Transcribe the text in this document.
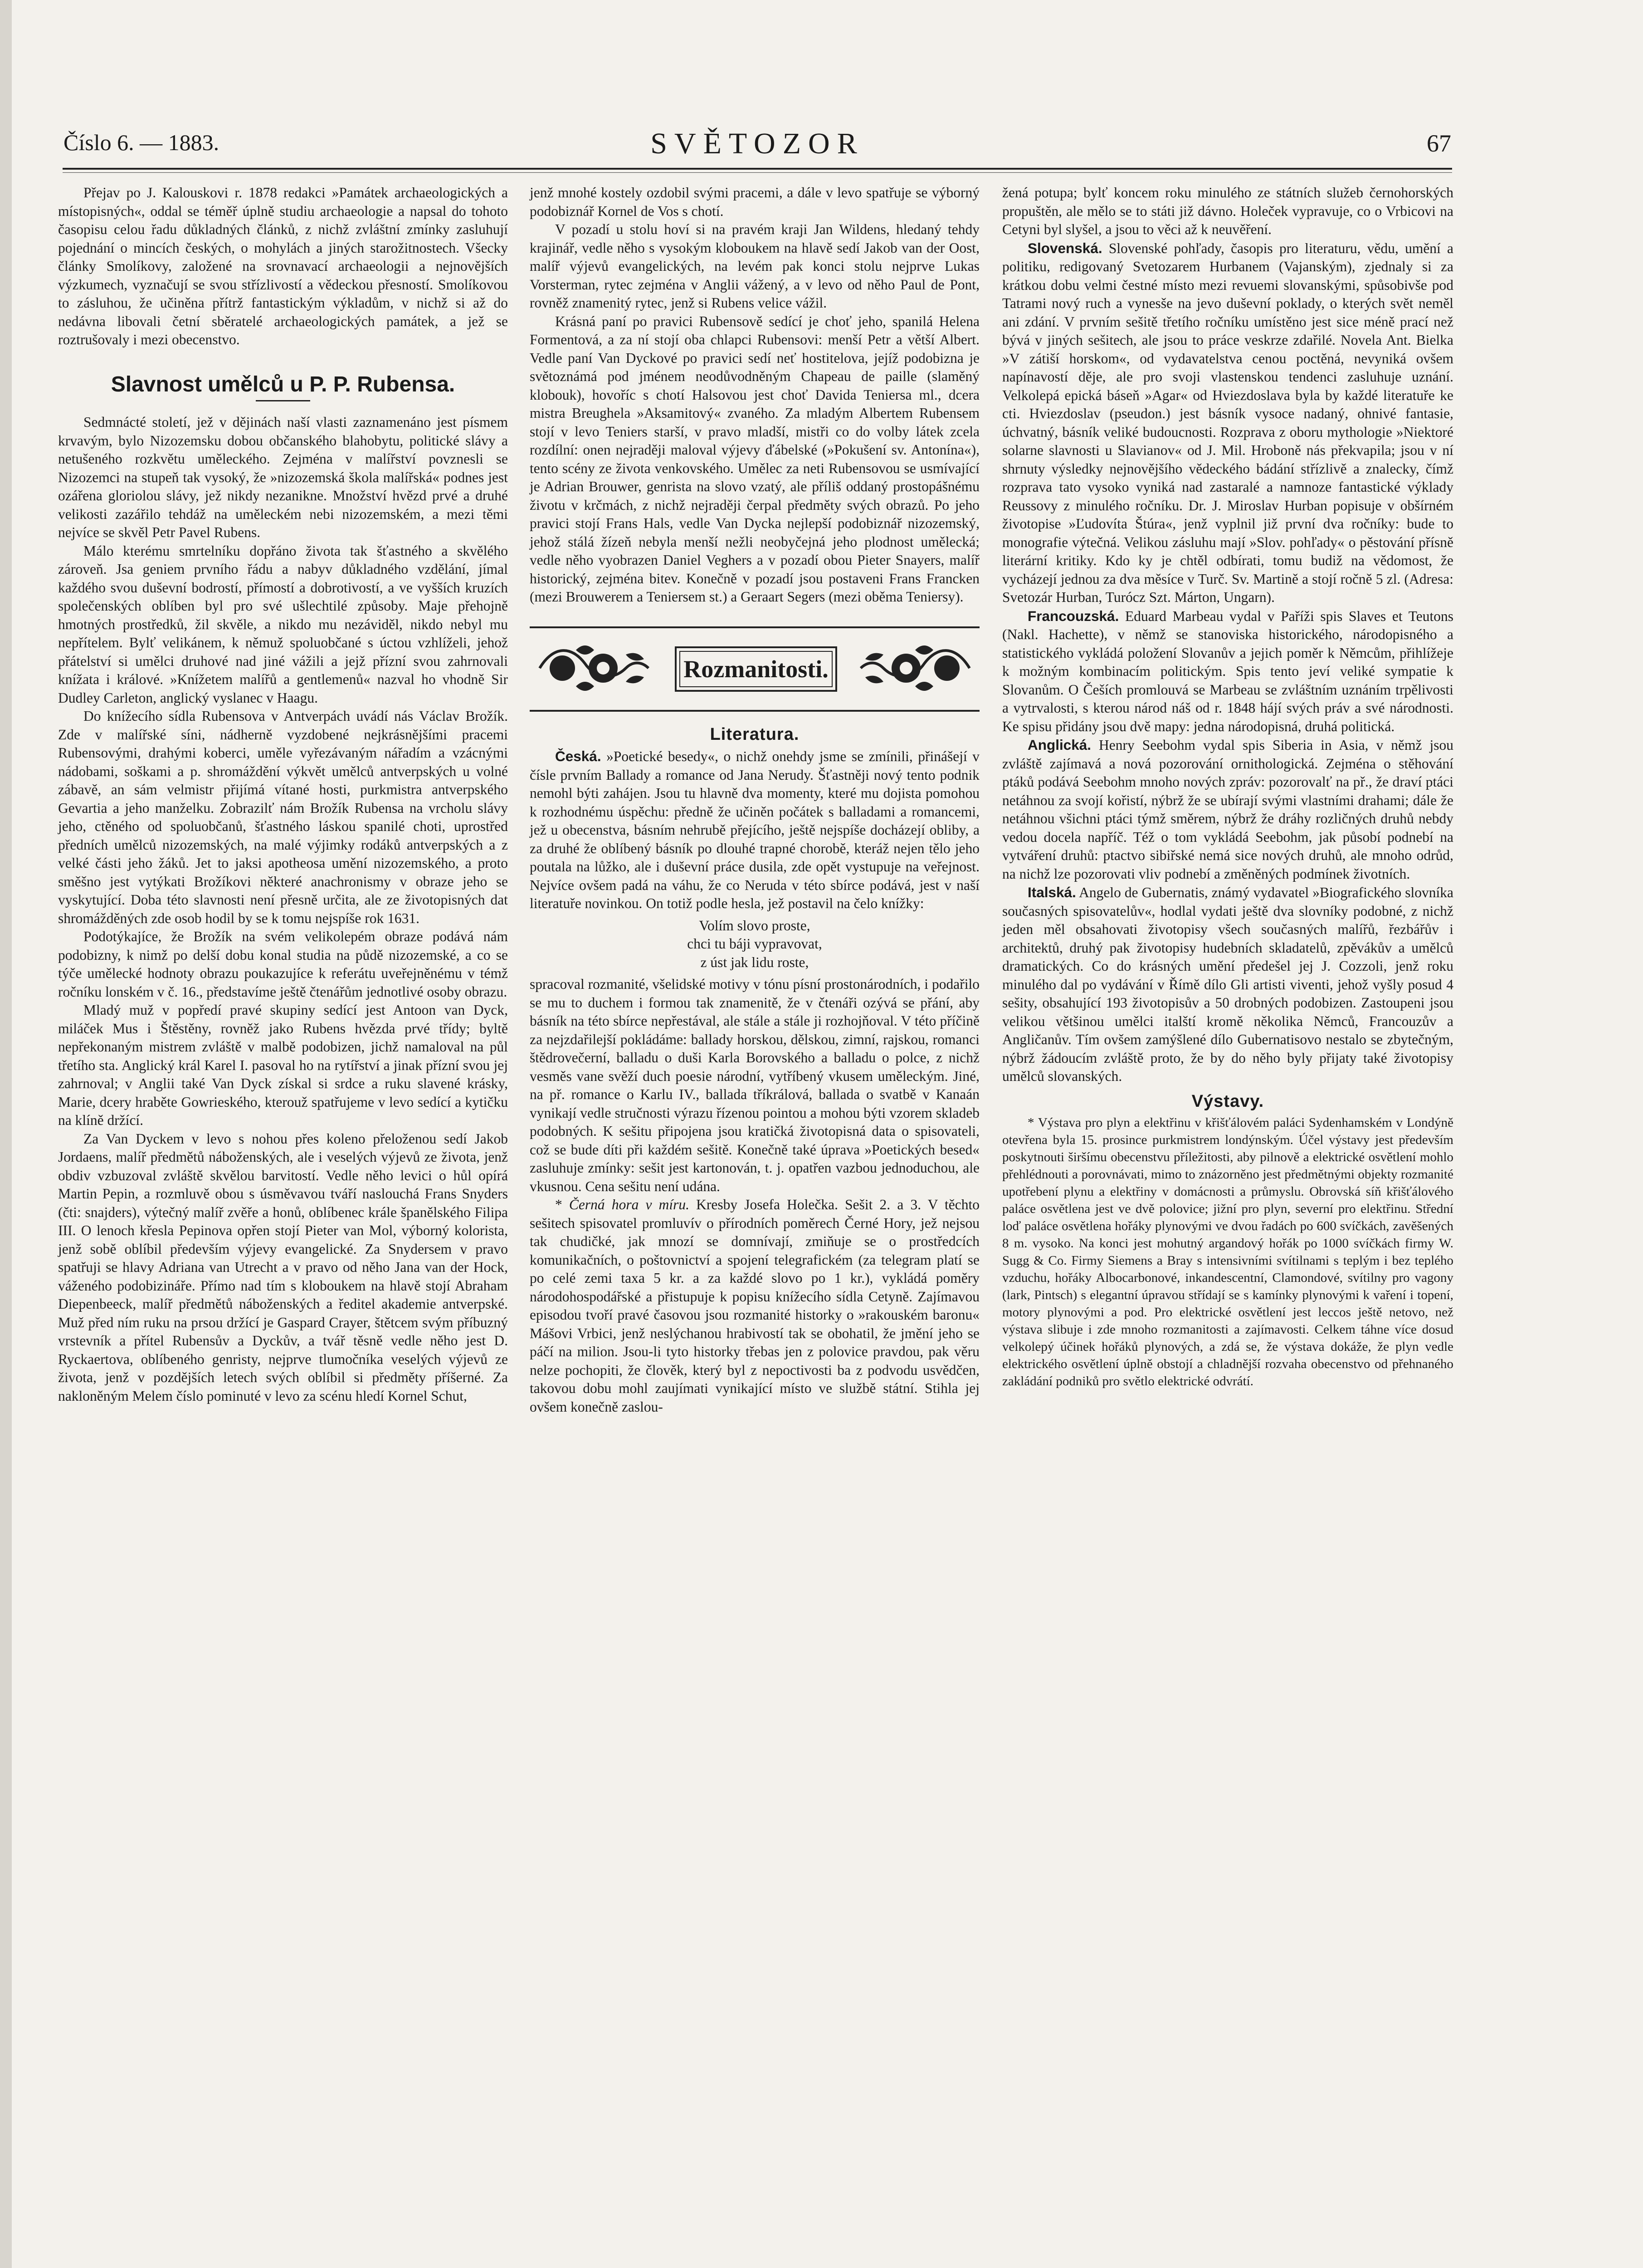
Číslo 6. — 1883.	SVĚTOZOR	67

Přejav po J. Kalouskovi r. 1878 redakci »Památek archaeologických a místopisných«, oddal se téměř úplně studiu archaeologie a napsal do tohoto časopisu celou řadu důkladných článků, z nichž zvláštní zmínky zasluhují pojednání o mincích českých, o mohylách a jiných starožitnostech. Všecky články Smolíkovy, založené na srovnavací archaeologii a nejnovějších výzkumech, vyznačují se svou střízlivostí a vědeckou přesností. Smolíkovou to zásluhou, že učiněna přítrž fantastickým výkladům, v nichž si až do nedávna libovali četní sběratelé archaeologických památek, a jež se roztrušovaly i mezi obecenstvo.

Slavnost umělců u P. P. Rubensa.

Sedmnácté století, jež v dějinách naší vlasti zaznamenáno jest písmem krvavým, bylo Nizozemsku dobou občanského blahobytu, politické slávy a netušeného rozkvětu uměleckého. Zejména v malířství povznesli se Nizozemci na stupeň tak vysoký, že »nizozemská škola malířská« podnes jest ozářena gloriolou slávy, jež nikdy nezanikne. Množství hvězd prvé a druhé velikosti zazářilo tehdáž na uměleckém nebi nizozemském, a mezi těmi nejvíce se skvěl Petr Pavel Rubens.

Málo kterému smrtelníku dopřáno života tak šťastného a skvělého zároveň. Jsa geniem prvního řádu a nabyv důkladného vzdělání, jímal každého svou duševní bodrostí, přímostí a dobrotivostí, a ve vyšších kruzích společenských oblíben byl pro své ušlechtilé způsoby. Maje přehojně hmotných prostředků, žil skvěle, a nikdo mu nezáviděl, nikdo nebyl mu nepřítelem. Bylť velikánem, k němuž spoluobčané s úctou vzhlíželi, jehož přátelství si umělci druhové nad jiné vážili a jejž přízní svou zahrnovali knížata i králové. »Knížetem malířů a gentlemenů« nazval ho vhodně Sir Dudley Carleton, anglický vyslanec v Haagu.

Do knížecího sídla Rubensova v Antverpách uvádí nás Václav Brožík. Zde v malířské síni, nádherně vyzdobené nejkrásnějšími pracemi Rubensovými, drahými koberci, uměle vyřezávaným nářadím a vzácnými nádobami, soškami a p. shromáždění výkvět umělců antverpských u volné zábavě, an sám velmistr přijímá vítané hosti, purkmistra antverpského Gevartia a jeho manželku. Zobrazilť nám Brožík Rubensa na vrcholu slávy jeho, ctěného od spoluobčanů, šťastného láskou spanilé choti, uprostřed předních umělců nizozemských, na malé výjimky rodáků antverpských a z velké části jeho žáků. Jet to jaksi apotheosa umění nizozemského, a proto směšno jest vytýkati Brožíkovi některé anachronismy v obraze jeho se vyskytující. Doba této slavnosti není přesně určita, ale ze životopisných dat shromážděných zde osob hodil by se k tomu nejspíše rok 1631.

Podotýkajíce, že Brožík na svém velikolepém obraze podává nám podobizny, k nimž po delší dobu konal studia na půdě nizozemské, a co se týče umělecké hodnoty obrazu poukazujíce k referátu uveřejněnému v témž ročníku lonském v č. 16., představíme ještě čtenářům jednotlivé osoby obrazu.

Mladý muž v popředí pravé skupiny sedící jest Antoon van Dyck, miláček Mus i Štěstěny, rovněž jako Rubens hvězda prvé třídy; byltě nepřekonaným mistrem zvláště v malbě podobizen, jichž namaloval na půl třetího sta. Anglický král Karel I. pasoval ho na rytířství a jinak přízní svou jej zahrnoval; v Anglii také Van Dyck získal si srdce a ruku slavené krásky, Marie, dcery hraběte Gowrieského, kterouž spatřujeme v levo sedící a kytičku na klíně držící.

Za Van Dyckem v levo s nohou přes koleno přeloženou sedí Jakob Jordaens, malíř předmětů náboženských, ale i veselých výjevů ze života, jenž obdiv vzbuzoval zvláště skvělou barvitostí. Vedle něho levici o hůl opírá Martin Pepin, a rozmluvě obou s úsměvavou tváří naslouchá Frans Snyders (čti: snajders), výtečný malíř zvěře a honů, oblíbenec krále španělského Filipa III. O lenoch křesla Pepinova opřen stojí Pieter van Mol, výborný kolorista, jenž sobě oblíbil především výjevy evangelické. Za Snydersem v pravo spatřuji se hlavy Adriana van Utrecht a v pravo od něho Jana van der Hock, váženého podobizináře. Přímo nad tím s kloboukem na hlavě stojí Abraham Diepenbeeck, malíř předmětů náboženských a ředitel akademie antverpské. Muž před ním ruku na prsou držící je Gaspard Crayer, štětcem svým příbuzný vrstevník a přítel Rubensův a Dyckův, a tvář těsně vedle něho jest D. Ryckaertova, oblíbeného genristy, nejprve tlumočníka veselých výjevů ze života, jenž v pozdějších letech svých oblíbil si předměty příšerné. Za nakloněným Melem číslo pominuté v levo za scénu hledí Kornel Schut,

jenž mnohé kostely ozdobil svými pracemi, a dále v levo spatřuje se výborný podobiznář Kornel de Vos s chotí.

V pozadí u stolu hoví si na pravém kraji Jan Wildens, hledaný tehdy krajinář, vedle něho s vysokým kloboukem na hlavě sedí Jakob van der Oost, malíř výjevů evangelických, na levém pak konci stolu nejprve Lukas Vorsterman, rytec zejména v Anglii vážený, a v levo od něho Paul de Pont, rovněž znamenitý rytec, jenž si Rubens velice vážil.

Krásná paní po pravici Rubensově sedící je choť jeho, spanilá Helena Formentová, a za ní stojí oba chlapci Rubensovi: menší Petr a větší Albert. Vedle paní Van Dyckové po pravici sedí neť hostitelova, jejíž podobizna je světoznámá pod jménem neodůvodněným Chapeau de paille (slaměný klobouk), hovoříc s chotí Halsovou jest choť Davida Teniersa ml., dcera mistra Breughela »Aksamitový« zvaného. Za mladým Albertem Rubensem stojí v levo Teniers starší, v pravo mladší, mistři co do volby látek zcela rozdílní: onen nejraději maloval výjevy ďábelské (»Pokušení sv. Antonína«), tento scény ze života venkovského. Umělec za neti Rubensovou se usmívající je Adrian Brouwer, genrista na slovo vzatý, ale příliš oddaný prostopášnému životu v krčmách, z nichž nejraději čerpal předměty svých obrazů. Po jeho pravici stojí Frans Hals, vedle Van Dycka nejlepší podobiznář nizozemský, jehož stálá žízeň nebyla menší nežli neobyčejná jeho plodnost umělecká; vedle něho vyobrazen Daniel Veghers a v pozadí obou Pieter Snayers, malíř historický, zejména bitev. Konečně v pozadí jsou postaveni Frans Francken (mezi Brouwerem a Teniersem st.) a Geraart Segers (mezi oběma Teniersy).

Rozmanitosti.
Literatura.

Česká. »Poetické besedy«, o nichž onehdy jsme se zmínili, přinášejí v čísle prvním Ballady a romance od Jana Nerudy. Šťastněji nový tento podnik nemohl býti zahájen. Jsou tu hlavně dva momenty, které mu dojista pomohou k rozhodnému úspěchu: předně že učiněn počátek s balladami a romancemi, jež u obecenstva, básním nehrubě přejícího, ještě nejspíše docházejí obliby, a za druhé že oblíbený básník po dlouhé trapné chorobě, kteráž nejen tělo jeho poutala na lůžko, ale i duševní práce dusila, zde opět vystupuje na veřejnost. Nejvíce ovšem padá na váhu, že co Neruda v této sbírce podává, jest v naší literatuře novinkou. On totiž podle hesla, jež postavil na čelo knížky:

Volím slovo proste,
chci tu báji vypravovat,
z úst jak lidu roste,

spracoval rozmanité, všelidské motivy v tónu písní prostonárodních, i podařilo se mu to duchem i formou tak znamenitě, že v čtenáři ozývá se přání, aby básník na této sbírce nepřestával, ale stále a stále ji rozhojňoval. V této příčině za nejzdařilejší pokládáme: ballady horskou, dělskou, zimní, rajskou, romanci štědrovečerní, balladu o duši Karla Borovského a balladu o polce, z nichž vesměs vane svěží duch poesie národní, vytříbený vkusem uměleckým. Jiné, na př. romance o Karlu IV., ballada tříkrálová, ballada o svatbě v Kanaán vynikají vedle stručnosti výrazu řízenou pointou a mohou býti vzorem skladeb podobných. K sešitu připojena jsou kratičká životopisná data o spisovateli, což se bude díti při každém sešitě. Konečně také úprava »Poetických besed« zasluhuje zmínky: sešit jest kartonován, t. j. opatřen vazbou jednoduchou, ale vkusnou. Cena sešitu není udána.

* Černá hora v míru. Kresby Josefa Holečka. Sešit 2. a 3. V těchto sešitech spisovatel promluvív o přírodních poměrech Černé Hory, jež nejsou tak chudičké, jak mnozí se domnívají, zmiňuje se o prostředcích komunikačních, o poštovnictví a spojení telegrafickém (za telegram platí se po celé zemi taxa 5 kr. a za každé slovo po 1 kr.), vykládá poměry národohospodářské a přistupuje k popisu knížecího sídla Cetyně. Zajímavou episodou tvoří pravé časovou jsou rozmanité historky o »rakouském baronu« Mášovi Vrbici, jenž neslýchanou hrabivostí tak se obohatil, že jmění jeho se páčí na milion. Jsou-li tyto historky třebas jen z polovice pravdou, pak věru nelze pochopiti, že člověk, který byl z nepoctivosti ba z podvodu usvědčen, takovou dobu mohl zaujímati vynikající místo ve službě státní. Stihla jej ovšem konečně zaslou-

žená potupa; bylť koncem roku minulého ze státních služeb černohorských propuštěn, ale mělo se to státi již dávno. Holeček vypravuje, co o Vrbicovi na Cetyni byl slyšel, a jsou to věci až k neuvěření.

Slovenská. Slovenské pohľady, časopis pro literaturu, vědu, umění a politiku, redigovaný Svetozarem Hurbanem (Vajanským), zjednaly si za krátkou dobu velmi čestné místo mezi revuemi slovanskými, spůsobivše pod Tatrami nový ruch a vynesše na jevo duševní poklady, o kterých svět neměl ani zdání. V prvním sešitě třetího ročníku umístěno jest sice méně prací než bývá v jiných sešitech, ale jsou to práce veskrze zdařilé. Novela Ant. Bielka »V zátiší horskom«, od vydavatelstva cenou poctěná, nevyniká ovšem napínavostí děje, ale pro svoji vlastenskou tendenci zasluhuje uznání. Velkolepá epická báseň »Agar« od Hviezdoslava byla by každé literatuře ke cti. Hviezdoslav (pseudon.) jest básník vysoce nadaný, ohnivé fantasie, úchvatný, básník veliké budoucnosti. Rozprava z oboru mythologie »Niektoré solarne slavnosti u Slavianov« od J. Mil. Hroboně nás překvapila; jsou v ní shrnuty výsledky nejnovějšího vědeckého bádání střízlivě a znalecky, čímž rozprava tato vysoko vyniká nad zastaralé a namnoze fantastické výklady Reussovy z minulého ročníku. Dr. J. Miroslav Hurban popisuje v obšírném životopise »Ľudovíta Štúra«, jenž vyplnil již první dva ročníky: bude to monografie výtečná. Velikou zásluhu mají »Slov. pohľady« o pěstování přísně literární kritiky. Kdo ky je chtěl odbírati, tomu budiž na vědomost, že vycházejí jednou za dva měsíce v Turč. Sv. Martině a stojí ročně 5 zl. (Adresa: Svetozár Hurban, Turócz Szt. Márton, Ungarn).

Francouzská. Eduard Marbeau vydal v Paříži spis Slaves et Teutons (Nakl. Hachette), v němž se stanoviska historického, národopisného a statistického vykládá položení Slovanův a jejich poměr k Němcům, přihlížeje k možným kombinacím politickým. Spis tento jeví veliké sympatie k Slovanům. O Češích promlouvá se Marbeau se zvláštním uznáním trpělivosti a vytrvalosti, s kterou národ náš od r. 1848 hájí svých práv a své národnosti. Ke spisu přidány jsou dvě mapy: jedna národopisná, druhá politická.

Anglická. Henry Seebohm vydal spis Siberia in Asia, v němž jsou zvláště zajímavá a nová pozorování ornithologická. Zejména o stěhování ptáků podává Seebohm mnoho nových zpráv: pozorovalť na př., že draví ptáci netáhnou za svojí kořistí, nýbrž že se ubírají svými vlastními drahami; dále že netáhnou všichni ptáci týmž směrem, nýbrž že dráhy rozličných druhů nebdy vedou docela napříč. Též o tom vykládá Seebohm, jak působí podnebí na vytváření druhů: ptactvo sibiřské nemá sice nových druhů, ale mnoho odrůd, na nichž lze pozorovati vliv podnebí a změněných podmínek životních.

Italská. Angelo de Gubernatis, známý vydavatel »Biografického slovníka současných spisovatelův«, hodlal vydati ještě dva slovníky podobné, z nichž jeden měl obsahovati životopisy všech současných malířů, řezbářův i architektů, druhý pak životopisy hudebních skladatelů, zpěvákův a umělců dramatických. Co do krásných umění předešel jej J. Cozzoli, jenž roku minulého dal po vydávání v Římě dílo Gli artisti viventi, jehož vyšly posud 4 sešity, obsahující 193 životopisův a 50 drobných podobizen. Zastoupeni jsou velikou většinou umělci italští kromě několika Němců, Francouzův a Angličanův. Tím ovšem zamýšlené dílo Gubernatisovo nestalo se zbytečným, nýbrž žádoucím zvláště proto, že by do něho byly přijaty také životopisy umělců slovanských.

Výstavy.

* Výstava pro plyn a elektřinu v křišťálovém paláci Sydenhamském v Londýně otevřena byla 15. prosince purkmistrem londýnským. Účel výstavy jest především poskytnouti širšímu obecenstvu příležitosti, aby pilnově a elektrické osvětlení mohlo přehlédnouti a porovnávati, mimo to znázorněno jest předmětnými objekty rozmanité upotřebení plynu a elektřiny v domácnosti a průmyslu. Obrovská síň křišťálového paláce osvětlena jest ve dvě polovice; jižní pro plyn, severní pro elektřinu. Střední loď paláce osvětlena hořáky plynovými ve dvou řadách po 600 svíčkách, zavěšených 8 m. vysoko. Na konci jest mohutný argandový hořák po 1000 svíčkách firmy W. Sugg & Co. Firmy Siemens a Bray s intensivními svítilnami s teplým i bez teplého vzduchu, hořáky Albocarbonové, inkandescentní, Clamondové, svítilny pro vagony (lark, Pintsch) s elegantní úpravou střídají se s kamínky plynovými k vaření i topení, motory plynovými a pod. Pro elektrické osvětlení jest leccos ještě netovo, než výstava slibuje i zde mnoho rozmanitosti a zajímavosti. Celkem táhne více dosud velkolepý účinek hořáků plynových, a zdá se, že výstava dokáže, že plyn vedle elektrického osvětlení úplně obstojí a chladnější rozvaha obecenstvo od přehnaného zakládání podniků pro světlo elektrické odvrátí.
